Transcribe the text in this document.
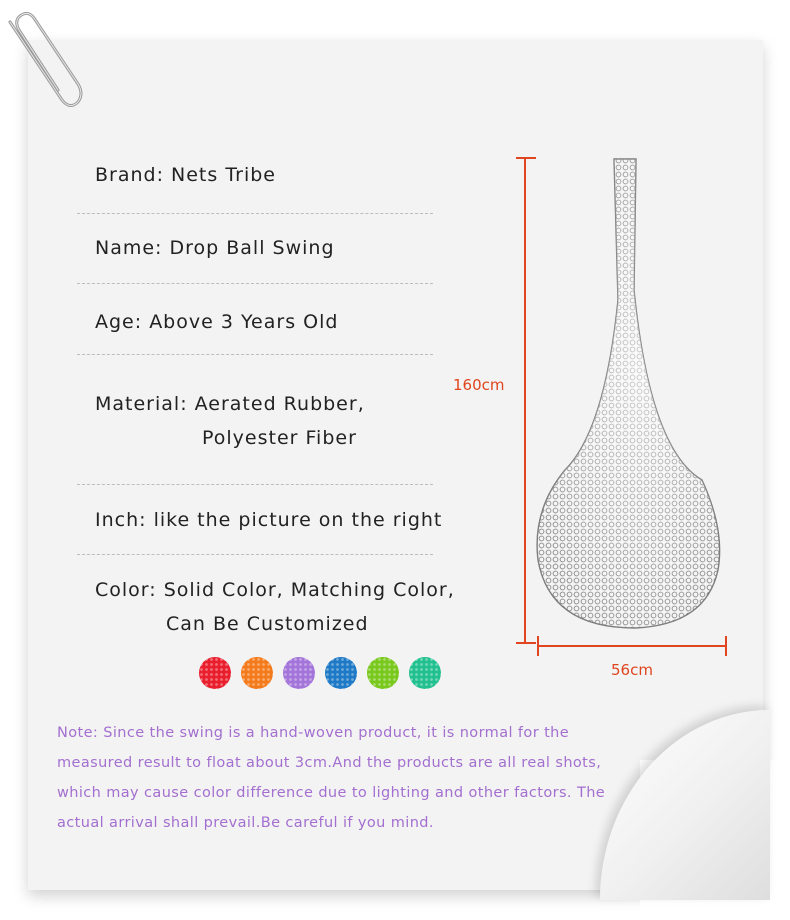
Brand: Nets Tribe
Name: Drop Ball Swing
Age: Above 3 Years Old
Material: Aerated Rubber,
Polyester Fiber
Inch: like the picture on the right
Color: Solid Color, Matching Color,
Can Be Customized
Note: Since the swing is a hand-woven product, it is normal for the measured result to float about 3cm.And the products are all real shots, which may cause color difference due to lighting and other factors. The actual arrival shall prevail.Be careful if you mind.
160cm
56cm
